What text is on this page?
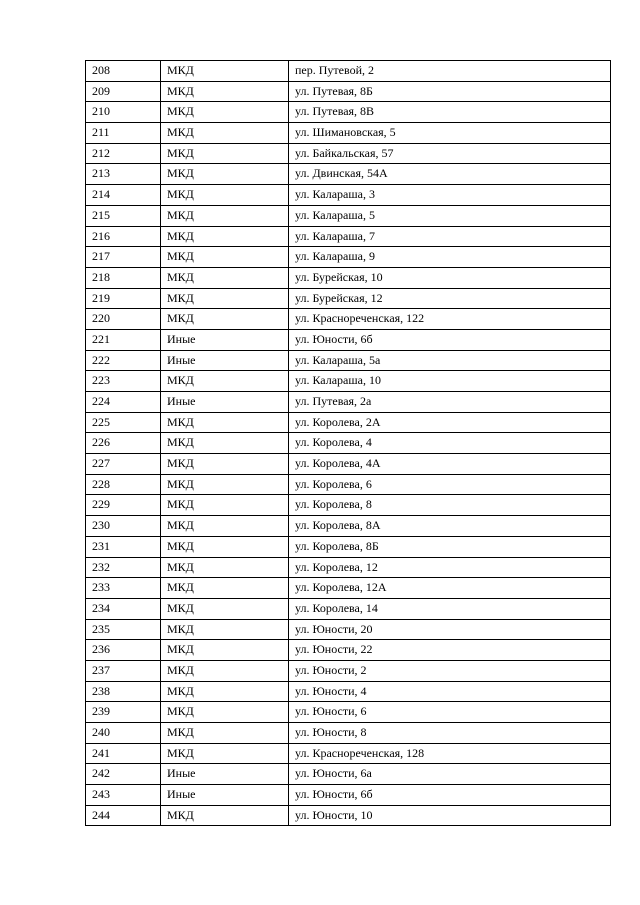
208	МКД	пер. Путевой, 2
209	МКД	ул. Путевая, 8Б
210	МКД	ул. Путевая, 8В
211	МКД	ул. Шимановская, 5
212	МКД	ул. Байкальская, 57
213	МКД	ул. Двинская, 54А
214	МКД	ул. Калараша, 3
215	МКД	ул. Калараша, 5
216	МКД	ул. Калараша, 7
217	МКД	ул. Калараша, 9
218	МКД	ул. Бурейская, 10
219	МКД	ул. Бурейская, 12
220	МКД	ул. Краснореченская, 122
221	Иные	ул. Юности, 6б
222	Иные	ул. Калараша, 5а
223	МКД	ул. Калараша, 10
224	Иные	ул. Путевая, 2а
225	МКД	ул. Королева, 2А
226	МКД	ул. Королева, 4
227	МКД	ул. Королева, 4А
228	МКД	ул. Королева, 6
229	МКД	ул. Королева, 8
230	МКД	ул. Королева, 8А
231	МКД	ул. Королева, 8Б
232	МКД	ул. Королева, 12
233	МКД	ул. Королева, 12А
234	МКД	ул. Королева, 14
235	МКД	ул. Юности, 20
236	МКД	ул. Юности, 22
237	МКД	ул. Юности, 2
238	МКД	ул. Юности, 4
239	МКД	ул. Юности, 6
240	МКД	ул. Юности, 8
241	МКД	ул. Краснореченская, 128
242	Иные	ул. Юности, 6а
243	Иные	ул. Юности, 6б
244	МКД	ул. Юности, 10
